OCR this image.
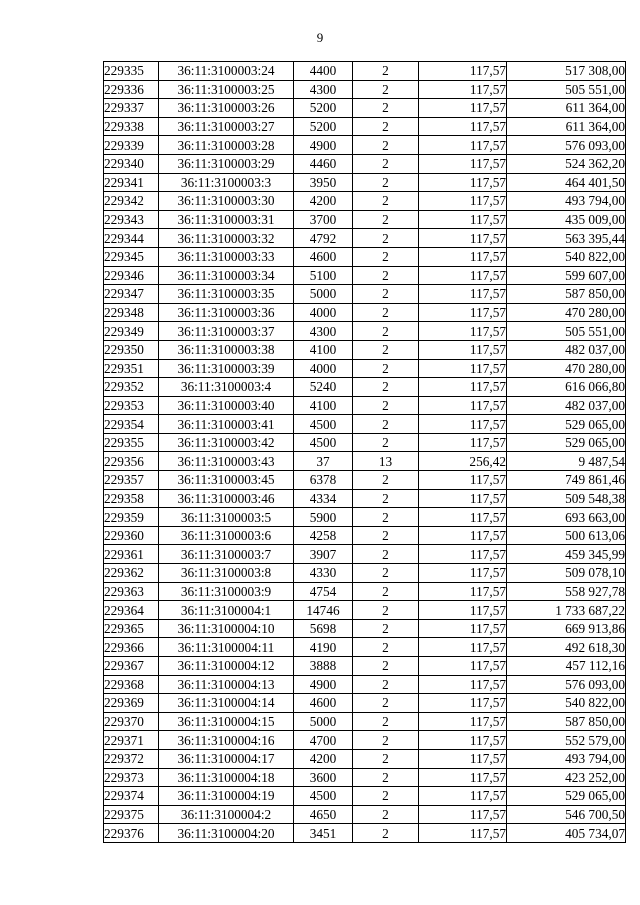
9
229335	36:11:3100003:24	4400	2	117,57	517 308,00
229336	36:11:3100003:25	4300	2	117,57	505 551,00
229337	36:11:3100003:26	5200	2	117,57	611 364,00
229338	36:11:3100003:27	5200	2	117,57	611 364,00
229339	36:11:3100003:28	4900	2	117,57	576 093,00
229340	36:11:3100003:29	4460	2	117,57	524 362,20
229341	36:11:3100003:3	3950	2	117,57	464 401,50
229342	36:11:3100003:30	4200	2	117,57	493 794,00
229343	36:11:3100003:31	3700	2	117,57	435 009,00
229344	36:11:3100003:32	4792	2	117,57	563 395,44
229345	36:11:3100003:33	4600	2	117,57	540 822,00
229346	36:11:3100003:34	5100	2	117,57	599 607,00
229347	36:11:3100003:35	5000	2	117,57	587 850,00
229348	36:11:3100003:36	4000	2	117,57	470 280,00
229349	36:11:3100003:37	4300	2	117,57	505 551,00
229350	36:11:3100003:38	4100	2	117,57	482 037,00
229351	36:11:3100003:39	4000	2	117,57	470 280,00
229352	36:11:3100003:4	5240	2	117,57	616 066,80
229353	36:11:3100003:40	4100	2	117,57	482 037,00
229354	36:11:3100003:41	4500	2	117,57	529 065,00
229355	36:11:3100003:42	4500	2	117,57	529 065,00
229356	36:11:3100003:43	37	13	256,42	9 487,54
229357	36:11:3100003:45	6378	2	117,57	749 861,46
229358	36:11:3100003:46	4334	2	117,57	509 548,38
229359	36:11:3100003:5	5900	2	117,57	693 663,00
229360	36:11:3100003:6	4258	2	117,57	500 613,06
229361	36:11:3100003:7	3907	2	117,57	459 345,99
229362	36:11:3100003:8	4330	2	117,57	509 078,10
229363	36:11:3100003:9	4754	2	117,57	558 927,78
229364	36:11:3100004:1	14746	2	117,57	1 733 687,22
229365	36:11:3100004:10	5698	2	117,57	669 913,86
229366	36:11:3100004:11	4190	2	117,57	492 618,30
229367	36:11:3100004:12	3888	2	117,57	457 112,16
229368	36:11:3100004:13	4900	2	117,57	576 093,00
229369	36:11:3100004:14	4600	2	117,57	540 822,00
229370	36:11:3100004:15	5000	2	117,57	587 850,00
229371	36:11:3100004:16	4700	2	117,57	552 579,00
229372	36:11:3100004:17	4200	2	117,57	493 794,00
229373	36:11:3100004:18	3600	2	117,57	423 252,00
229374	36:11:3100004:19	4500	2	117,57	529 065,00
229375	36:11:3100004:2	4650	2	117,57	546 700,50
229376	36:11:3100004:20	3451	2	117,57	405 734,07
